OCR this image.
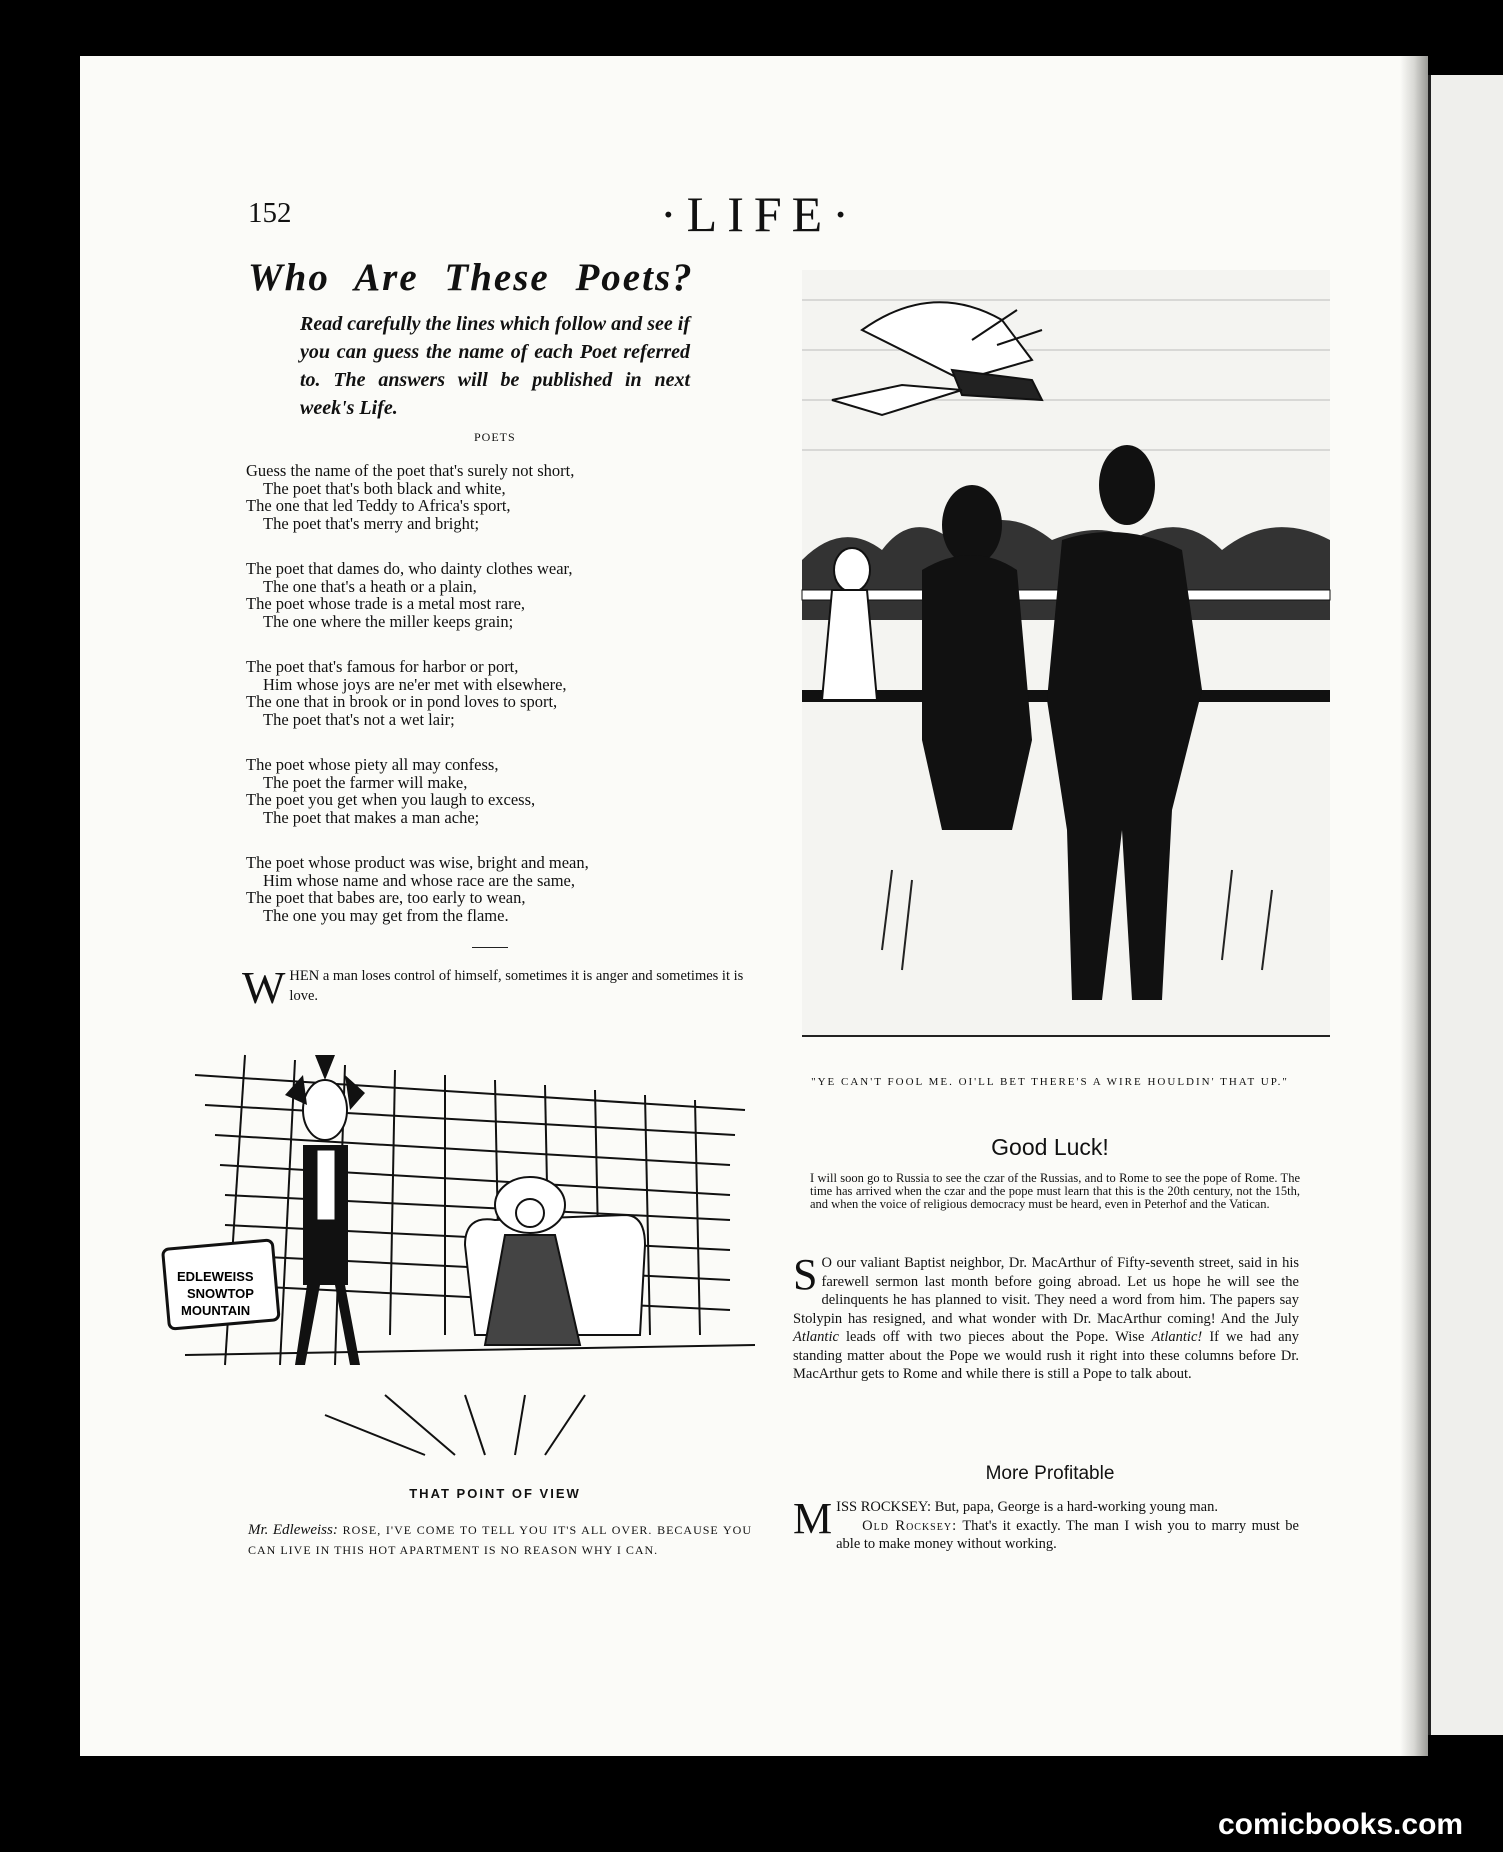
152	·LIFE·
Who Are These Poets?
Read carefully the lines which follow and see if you can guess the name of each Poet referred to. The answers will be published in next week's Life.
POETS
Guess the name of the poet that's surely not short,
The poet that's both black and white,
The one that led Teddy to Africa's sport,
The poet that's merry and bright;
The poet that dames do, who dainty clothes wear,
The one that's a heath or a plain,
The poet whose trade is a metal most rare,
The one where the miller keeps grain;
The poet that's famous for harbor or port,
Him whose joys are ne'er met with elsewhere,
The one that in brook or in pond loves to sport,
The poet that's not a wet lair;
The poet whose piety all may confess,
The poet the farmer will make,
The poet you get when you laugh to excess,
The poet that makes a man ache;
The poet whose product was wise, bright and mean,
Him whose name and whose race are the same,
The poet that babes are, too early to wean,
The one you may get from the flame.
W HEN a man loses control of himself, sometimes it is anger and sometimes it is love.
EDLEWEISS
SNOWTOP
MOUNTAIN
THAT POINT OF VIEW
Mr. Edleweiss: ROSE, I'VE COME TO TELL YOU IT'S ALL OVER. BECAUSE YOU CAN LIVE IN THIS HOT APARTMENT IS NO REASON WHY I CAN.
"YE CAN'T FOOL ME. OI'LL BET THERE'S A WIRE HOULDIN' THAT UP."
Good Luck!
I will soon go to Russia to see the czar of the Russias, and to Rome to see the pope of Rome. The time has arrived when the czar and the pope must learn that this is the 20th century, not the 15th, and when the voice of religious democracy must be heard, even in Peterhof and the Vatican.
S O our valiant Baptist neighbor, Dr. MacArthur of Fifty-seventh street, said in his farewell sermon last month before going abroad. Let us hope he will see the delinquents he has planned to visit. They need a word from him. The papers say Stolypin has resigned, and what wonder with Dr. MacArthur coming! And the July Atlantic leads off with two pieces about the Pope. Wise Atlantic! If we had any standing matter about the Pope we would rush it right into these columns before Dr. MacArthur gets to Rome and while there is still a Pope to talk about.
More Profitable
MISS ROCKSEY: But, papa, George is a hard-working young man.
Old Rocksey: That's it exactly. The man I wish you to marry must be able to make money without working.
comicbooks.com
